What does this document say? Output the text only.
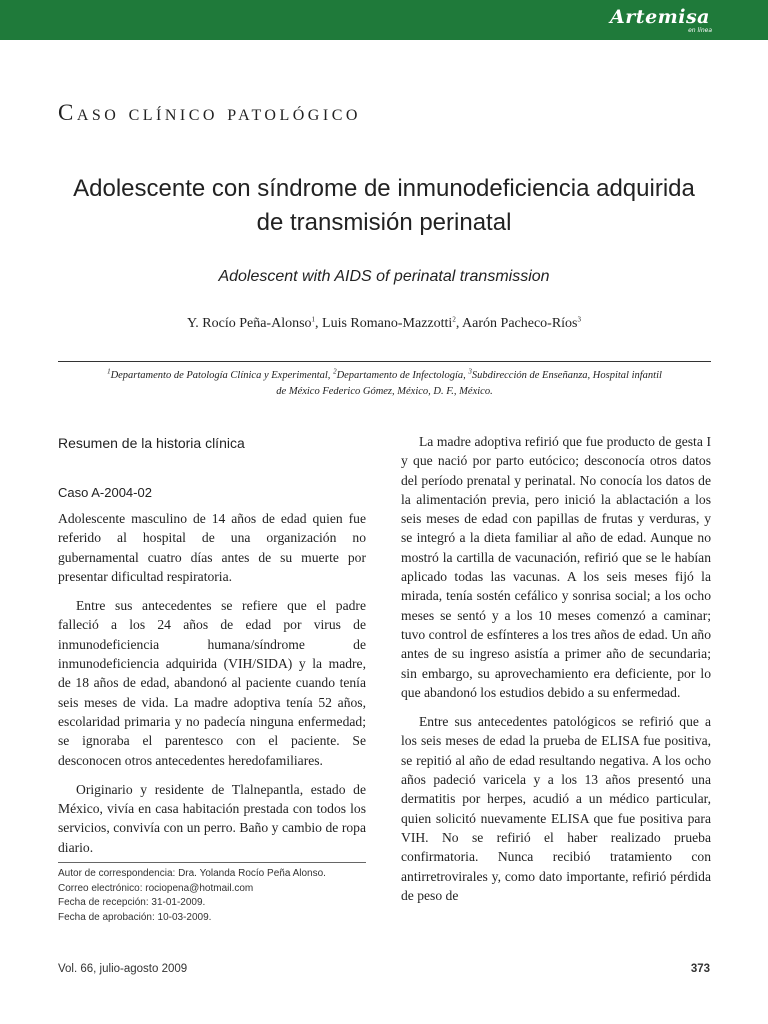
Artemisa
en línea
Caso clínico patológico
Adolescente con síndrome de inmunodeficiencia adquirida
de transmisión perinatal
Adolescent with AIDS of perinatal transmission
Y. Rocío Peña-Alonso$^1$, Luis Romano-Mazzotti$^2$, Aarón Pacheco-Ríos$^3$
$^1$Departamento de Patología Clínica y Experimental, $^2$Departamento de Infectología, $^3$Subdirección de Enseñanza, Hospital infantil
de México Federico Gómez, México, D. F., México.
Resumen de la historia clínica
Caso A-2004-02

Adolescente masculino de 14 años de edad quien fue referido al hospital de una organización no gubernamental cuatro días antes de su muerte por presentar dificultad respiratoria.

Entre sus antecedentes se refiere que el padre falleció a los 24 años de edad por virus de inmunodeficiencia humana/síndrome de inmunodeficiencia adquirida (VIH/SIDA) y la madre, de 18 años de edad, abandonó al paciente cuando tenía seis meses de vida. La madre adoptiva tenía 52 años, escolaridad primaria y no padecía ninguna enfermedad; se ignoraba el parentesco con el paciente. Se desconocen otros antecedentes heredofamiliares.

Originario y residente de Tlalnepantla, estado de México, vivía en casa habitación prestada con todos los servicios, convivía con un perro. Baño y cambio de ropa diario.

Autor de correspondencia: Dra. Yolanda Rocío Peña Alonso.
Correo electrónico: rociopena@hotmail.com
Fecha de recepción: 31-01-2009.
Fecha de aprobación: 10-03-2009.

La madre adoptiva refirió que fue producto de gesta I y que nació por parto eutócico; desconocía otros datos del período prenatal y perinatal. No conocía los datos de la alimentación previa, pero inició la ablactación a los seis meses de edad con papillas de frutas y verduras, y se integró a la dieta familiar al año de edad. Aunque no mostró la cartilla de vacunación, refirió que se le habían aplicado todas las vacunas. A los seis meses fijó la mirada, tenía sostén cefálico y sonrisa social; a los ocho meses se sentó y a los 10 meses comenzó a caminar; tuvo control de esfínteres a los tres años de edad. Un año antes de su ingreso asistía a primer año de secundaria; sin embargo, su aprovechamiento era deficiente, por lo que abandonó los estudios debido a su enfermedad.

Entre sus antecedentes patológicos se refirió que a los seis meses de edad la prueba de ELISA fue positiva, se repitió al año de edad resultando negativa. A los ocho años padeció varicela y a los 13 años presentó una dermatitis por herpes, acudió a un médico particular, quien solicitó nuevamente ELISA que fue positiva para VIH. No se refirió el haber realizado prueba confirmatoria. Nunca recibió tratamiento con antirretrovirales y, como dato importante, refirió pérdida de peso de

Vol. 66, julio-agosto 2009	373
